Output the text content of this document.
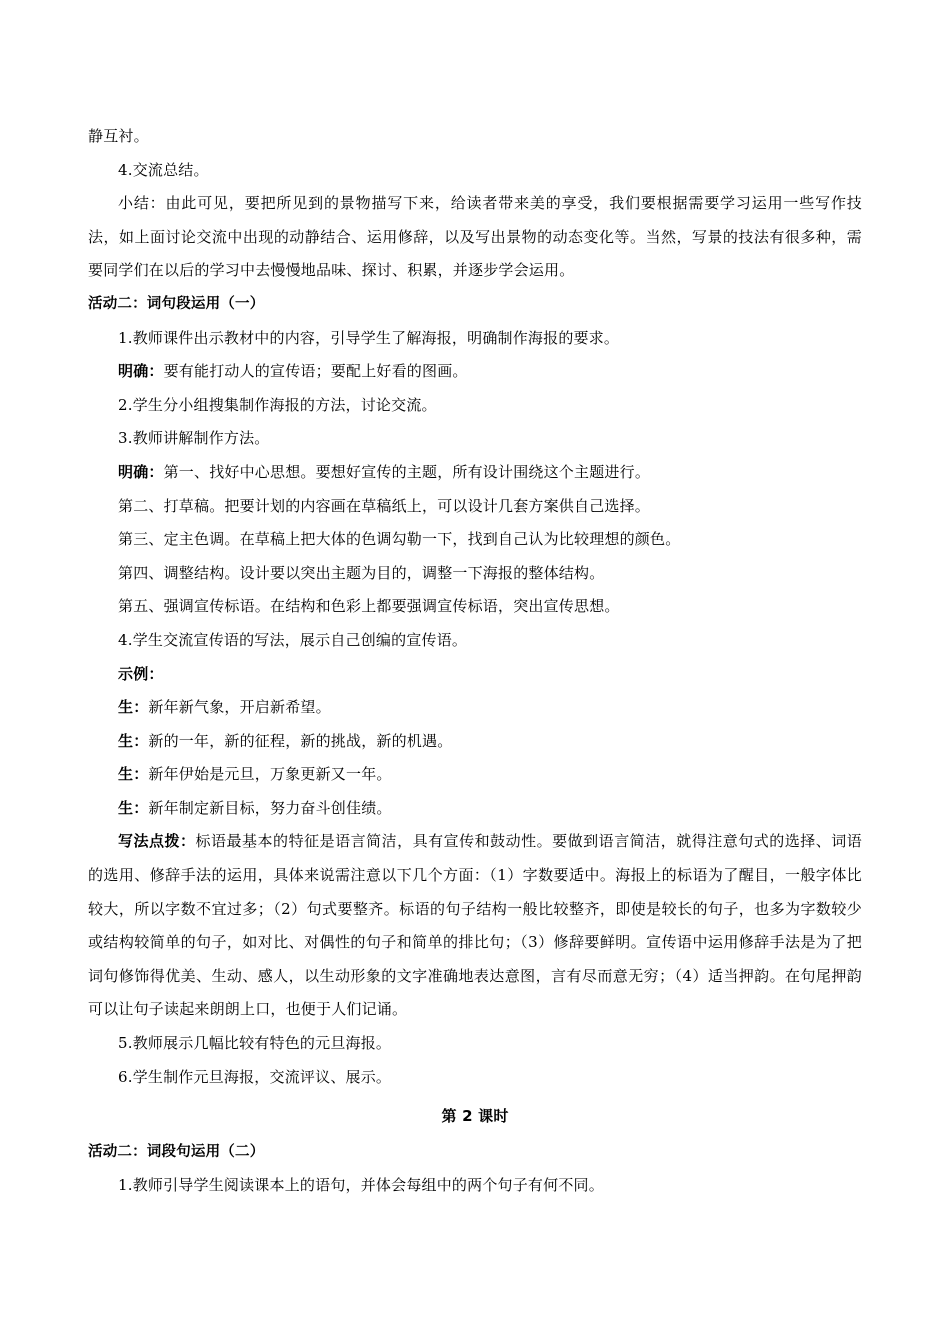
静互衬。

4.交流总结。

小结：由此可见，要把所见到的景物描写下来，给读者带来美的享受，我们要根据需要学习运用一些写作技法，如上面讨论交流中出现的动静结合、运用修辞，以及写出景物的动态变化等。当然，写景的技法有很多种，需要同学们在以后的学习中去慢慢地品味、探讨、积累，并逐步学会运用。

活动二：词句段运用（一）

1.教师课件出示教材中的内容，引导学生了解海报，明确制作海报的要求。

明确：要有能打动人的宣传语；要配上好看的图画。

2.学生分小组搜集制作海报的方法，讨论交流。

3.教师讲解制作方法。

明确：第一、找好中心思想。要想好宣传的主题，所有设计围绕这个主题进行。

第二、打草稿。把要计划的内容画在草稿纸上，可以设计几套方案供自己选择。

第三、定主色调。在草稿上把大体的色调勾勒一下，找到自己认为比较理想的颜色。

第四、调整结构。设计要以突出主题为目的，调整一下海报的整体结构。

第五、强调宣传标语。在结构和色彩上都要强调宣传标语，突出宣传思想。

4.学生交流宣传语的写法，展示自己创编的宣传语。

示例：

生：新年新气象，开启新希望。

生：新的一年，新的征程，新的挑战，新的机遇。

生：新年伊始是元旦，万象更新又一年。

生：新年制定新目标，努力奋斗创佳绩。

写法点拨：标语最基本的特征是语言简洁，具有宣传和鼓动性。要做到语言简洁，就得注意句式的选择、词语的选用、修辞手法的运用，具体来说需注意以下几个方面：（1）字数要适中。海报上的标语为了醒目，一般字体比较大，所以字数不宜过多；（2）句式要整齐。标语的句子结构一般比较整齐，即使是较长的句子，也多为字数较少或结构较简单的句子，如对比、对偶性的句子和简单的排比句；（3）修辞要鲜明。宣传语中运用修辞手法是为了把词句修饰得优美、生动、感人，以生动形象的文字准确地表达意图，言有尽而意无穷；（4）适当押韵。在句尾押韵可以让句子读起来朗朗上口，也便于人们记诵。

5.教师展示几幅比较有特色的元旦海报。

6.学生制作元旦海报，交流评议、展示。

第 2 课时

活动二：词段句运用（二）

1.教师引导学生阅读课本上的语句，并体会每组中的两个句子有何不同。
